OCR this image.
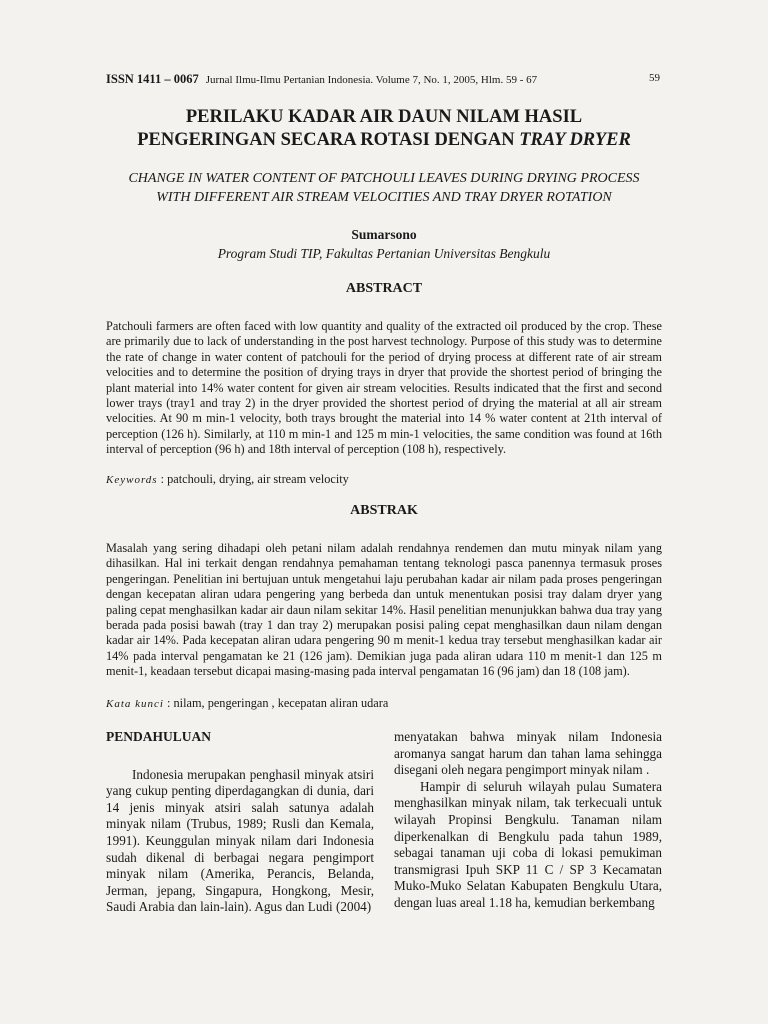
ISSN 1411 – 0067 Jurnal Ilmu-Ilmu Pertanian Indonesia. Volume 7, No. 1, 2005, Hlm. 59 - 67	59
PERILAKU KADAR AIR DAUN NILAM HASIL
PENGERINGAN SECARA ROTASI DENGAN TRAY DRYER
CHANGE IN WATER CONTENT OF PATCHOULI LEAVES DURING DRYING PROCESS
WITH DIFFERENT AIR STREAM VELOCITIES AND TRAY DRYER ROTATION
Sumarsono
Program Studi TIP, Fakultas Pertanian Universitas Bengkulu
ABSTRACT
Patchouli farmers are often faced with low quantity and quality of the extracted oil produced by the crop. These are primarily due to lack of understanding in the post harvest technology. Purpose of this study was to determine the rate of change in water content of patchouli for the period of drying process at different rate of air stream velocities and to determine the position of drying trays in dryer that provide the shortest period of bringing the plant material into 14% water content for given air stream velocities. Results indicated that the first and second lower trays (tray1 and tray 2) in the dryer provided the shortest period of drying the material at all air stream velocities. At 90 m min-1 velocity, both trays brought the material into 14 % water content at 21th interval of perception (126 h). Similarly, at 110 m min-1 and 125 m min-1 velocities, the same condition was found at 16th interval of perception (96 h) and 18th interval of perception (108 h), respectively.
Keywords : patchouli, drying, air stream velocity
ABSTRAK
Masalah yang sering dihadapi oleh petani nilam adalah rendahnya rendemen dan mutu minyak nilam yang dihasilkan. Hal ini terkait dengan rendahnya pemahaman tentang teknologi pasca panennya termasuk proses pengeringan. Penelitian ini bertujuan untuk mengetahui laju perubahan kadar air nilam pada proses pengeringan dengan kecepatan aliran udara pengering yang berbeda dan untuk menentukan posisi tray dalam dryer yang paling cepat menghasilkan kadar air daun nilam sekitar 14%. Hasil penelitian menunjukkan bahwa dua tray yang berada pada posisi bawah (tray 1 dan tray 2) merupakan posisi paling cepat menghasilkan daun nilam dengan kadar air 14%. Pada kecepatan aliran udara pengering 90 m menit-1 kedua tray tersebut menghasilkan kadar air 14% pada interval pengamatan ke 21 (126 jam). Demikian juga pada aliran udara 110 m menit-1 dan 125 m menit-1, keadaan tersebut dicapai masing-masing pada interval pengamatan 16 (96 jam) dan 18 (108 jam).
Kata kunci : nilam, pengeringan , kecepatan aliran udara
PENDAHULUAN

Indonesia merupakan penghasil minyak atsiri yang cukup penting diperdagangkan di dunia, dari 14 jenis minyak atsiri salah satunya adalah minyak nilam (Trubus, 1989; Rusli dan Kemala, 1991). Keunggulan minyak nilam dari Indonesia sudah dikenal di berbagai negara pengimport minyak nilam (Amerika, Perancis, Belanda, Jerman, jepang, Singapura, Hongkong, Mesir, Saudi Arabia dan lain-lain). Agus dan Ludi (2004)

menyatakan bahwa minyak nilam Indonesia aromanya sangat harum dan tahan lama sehingga disegani oleh negara pengimport minyak nilam .

Hampir di seluruh wilayah pulau Sumatera menghasilkan minyak nilam, tak terkecuali untuk wilayah Propinsi Bengkulu. Tanaman nilam diperkenalkan di Bengkulu pada tahun 1989, sebagai tanaman uji coba di lokasi pemukiman transmigrasi Ipuh SKP 11 C / SP 3 Kecamatan Muko-Muko Selatan Kabupaten Bengkulu Utara, dengan luas areal 1.18 ha, kemudian berkembang
